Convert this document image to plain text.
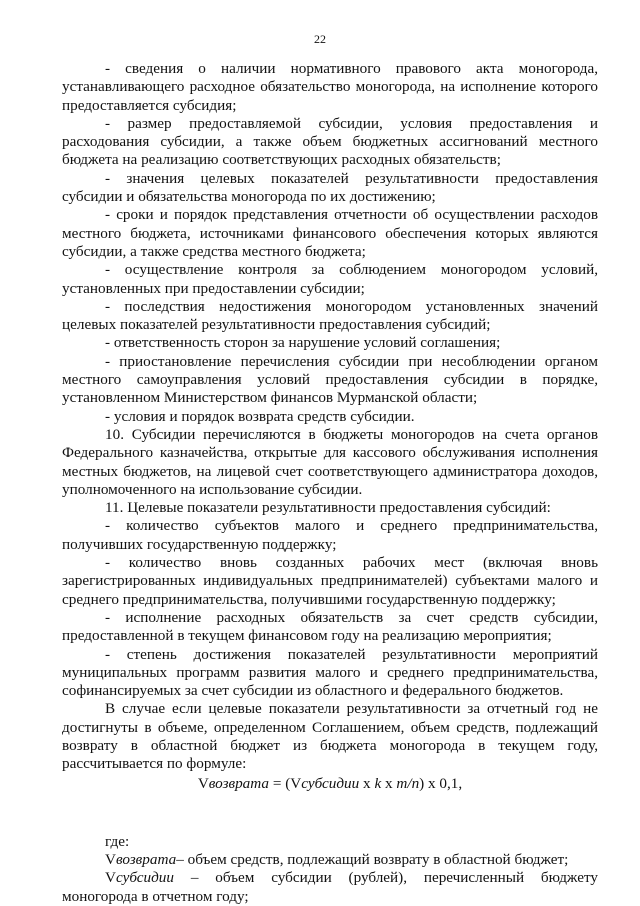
22

- сведения о наличии нормативного правового акта моногорода, устанавливающего расходное обязательство моногорода, на исполнение которого предоставляется субсидия;

- размер предоставляемой субсидии, условия предоставления и расходования субсидии, а также объем бюджетных ассигнований местного бюджета на реализацию соответствующих расходных обязательств;

- значения целевых показателей результативности предоставления субсидии и обязательства моногорода по их достижению;

- сроки и порядок представления отчетности об осуществлении расходов местного бюджета, источниками финансового обеспечения которых являются субсидии, а также средства местного бюджета;

- осуществление контроля за соблюдением моногородом условий, установленных при предоставлении субсидии;

- последствия недостижения моногородом установленных значений целевых показателей результативности предоставления субсидий;

- ответственность сторон за нарушение условий соглашения;

- приостановление перечисления субсидии при несоблюдении органом местного самоуправления условий предоставления субсидии в порядке, установленном Министерством финансов Мурманской области;

- условия и порядок возврата средств субсидии.

10. Субсидии перечисляются в бюджеты моногородов на счета органов Федерального казначейства, открытые для кассового обслуживания исполнения местных бюджетов, на лицевой счет соответствующего администратора доходов, уполномоченного на использование субсидии.

11. Целевые показатели результативности предоставления субсидий:

- количество субъектов малого и среднего предпринимательства, получивших государственную поддержку;

- количество вновь созданных рабочих мест (включая вновь зарегистрированных индивидуальных предпринимателей) субъектами малого и среднего предпринимательства, получившими государственную поддержку;

- исполнение расходных обязательств за счет средств субсидии, предоставленной в текущем финансовом году на реализацию мероприятия;

- степень достижения показателей результативности мероприятий муниципальных программ развития малого и среднего предпринимательства, софинансируемых за счет субсидии из областного и федерального бюджетов.

В случае если целевые показатели результативности за отчетный год не достигнуты в объеме, определенном Соглашением, объем средств, подлежащий возврату в областной бюджет из бюджета моногорода в текущем году, рассчитывается по формуле:

Vвозврата = (Vсубсидии x k x m/n) x 0,1,

где:

Vвозврата– объем средств, подлежащий возврату в областной бюджет;

Vсубсидии – объем субсидии (рублей), перечисленный бюджету моногорода в отчетном году;
